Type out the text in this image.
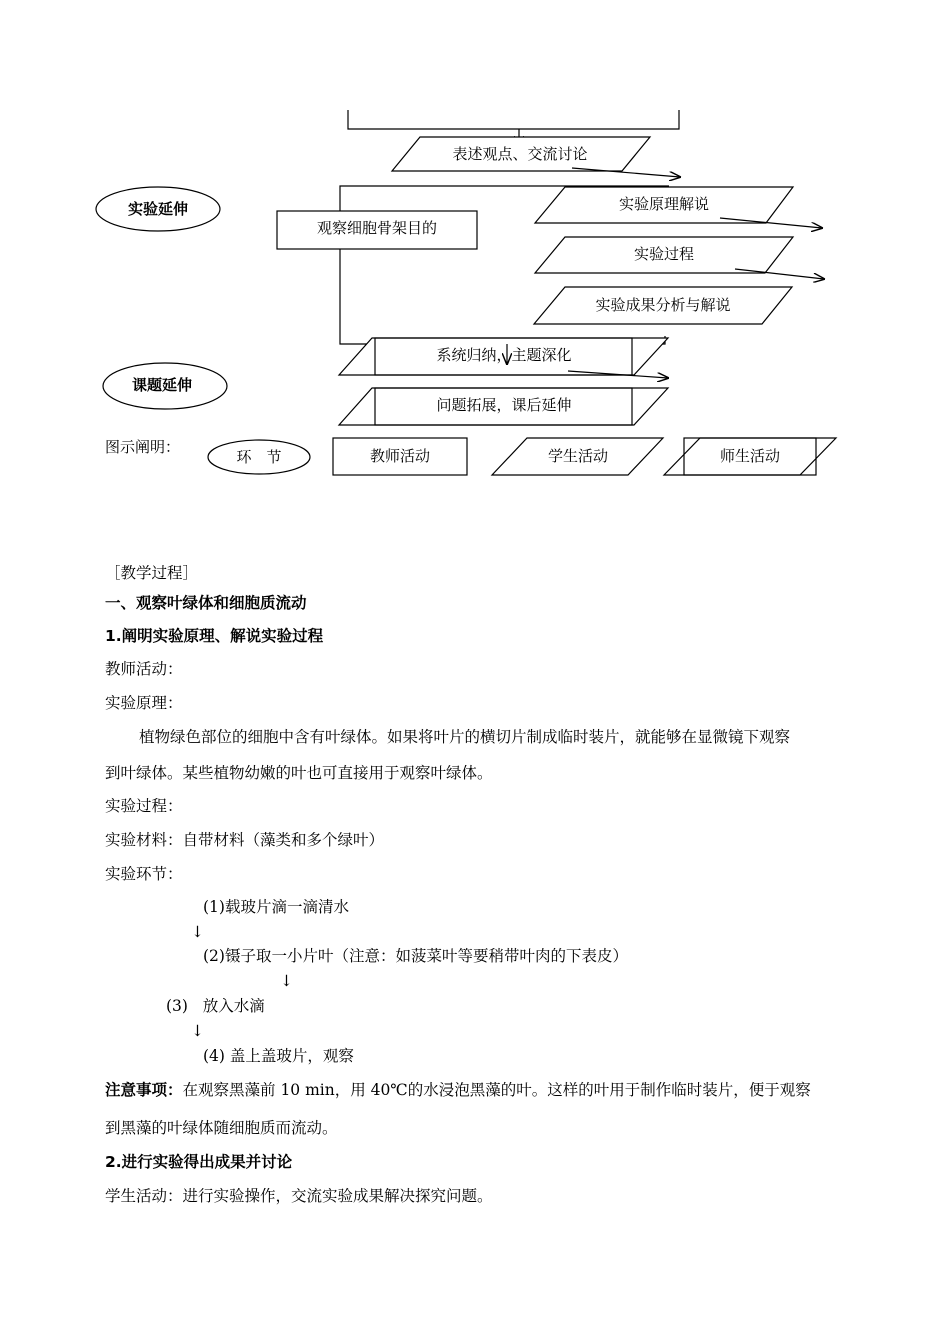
表述观点、交流讨论
实验延伸
观察细胞骨架目的
实验原理解说
实验过程
实验成果分析与解说
系统归纳，主题深化
课题延伸
问题拓展，课后延伸
图示阐明：
环　节	教师活动	学生活动	师生活动
［教学过程］
一、观察叶绿体和细胞质流动
1.阐明实验原理、解说实验过程
教师活动：
实验原理：
植物绿色部位的细胞中含有叶绿体。如果将叶片的横切片制成临时装片，就能够在显微镜下观察
到叶绿体。某些植物幼嫩的叶也可直接用于观察叶绿体。
实验过程：
实验材料：自带材料（藻类和多个绿叶）
实验环节：
(1)载玻片滴一滴清水
↓
(2)镊子取一小片叶（注意：如菠菜叶等要稍带叶肉的下表皮）
↓
(3)   放入水滴
↓
(4) 盖上盖玻片，观察
注意事项：在观察黑藻前 10 min，用 40℃的水浸泡黑藻的叶。这样的叶用于制作临时装片，便于观察
到黑藻的叶绿体随细胞质而流动。
2.进行实验得出成果并讨论
学生活动：进行实验操作，交流实验成果解决探究问题。
